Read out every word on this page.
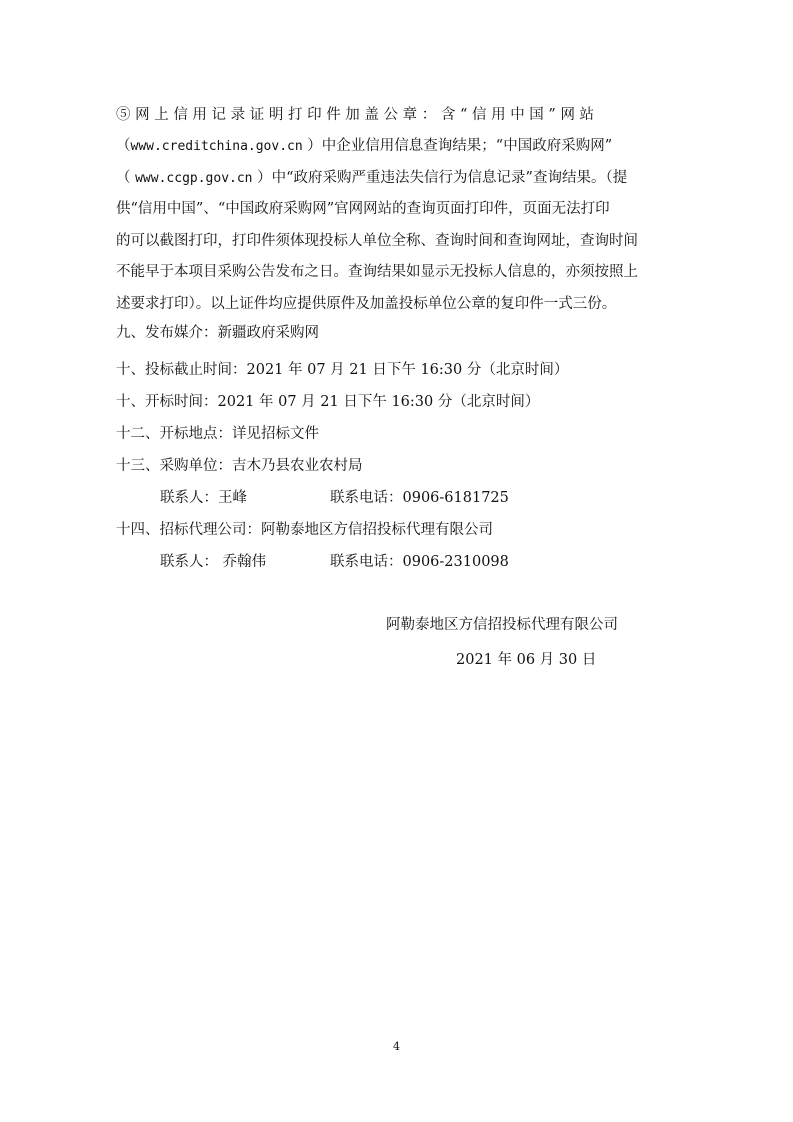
⑤ 网 上 信 用 记 录 证 明 打 印 件 加 盖 公 章 ： 含 “ 信 用 中 国 ” 网 站
（www.creditchina.gov.cn ）中企业信用信息查询结果；“中国政府采购网”
（ www.ccgp.gov.cn ）中“政府采购严重违法失信行为信息记录”查询结果。（提
供“信用中国”、“中国政府采购网”官网网站的查询页面打印件，页面无法打印
的可以截图打印，打印件须体现投标人单位全称、查询时间和查询网址，查询时间
不能早于本项目采购公告发布之日。查询结果如显示无投标人信息的，亦须按照上
述要求打印）。以上证件均应提供原件及加盖投标单位公章的复印件一式三份。
九、发布媒介：新疆政府采购网
十、投标截止时间：2021 年 07 月 21 日下午 16:30 分（北京时间）
十、开标时间：2021 年 07 月 21 日下午 16:30 分（北京时间）
十二、开标地点：详见招标文件
十三、采购单位：吉木乃县农业农村局
联系人：王峰	联系电话：0906-6181725
十四、招标代理公司：阿勒泰地区方信招投标代理有限公司
联系人： 乔翰伟	联系电话：0906-2310098
阿勒泰地区方信招投标代理有限公司
2021 年 06 月 30 日
4
